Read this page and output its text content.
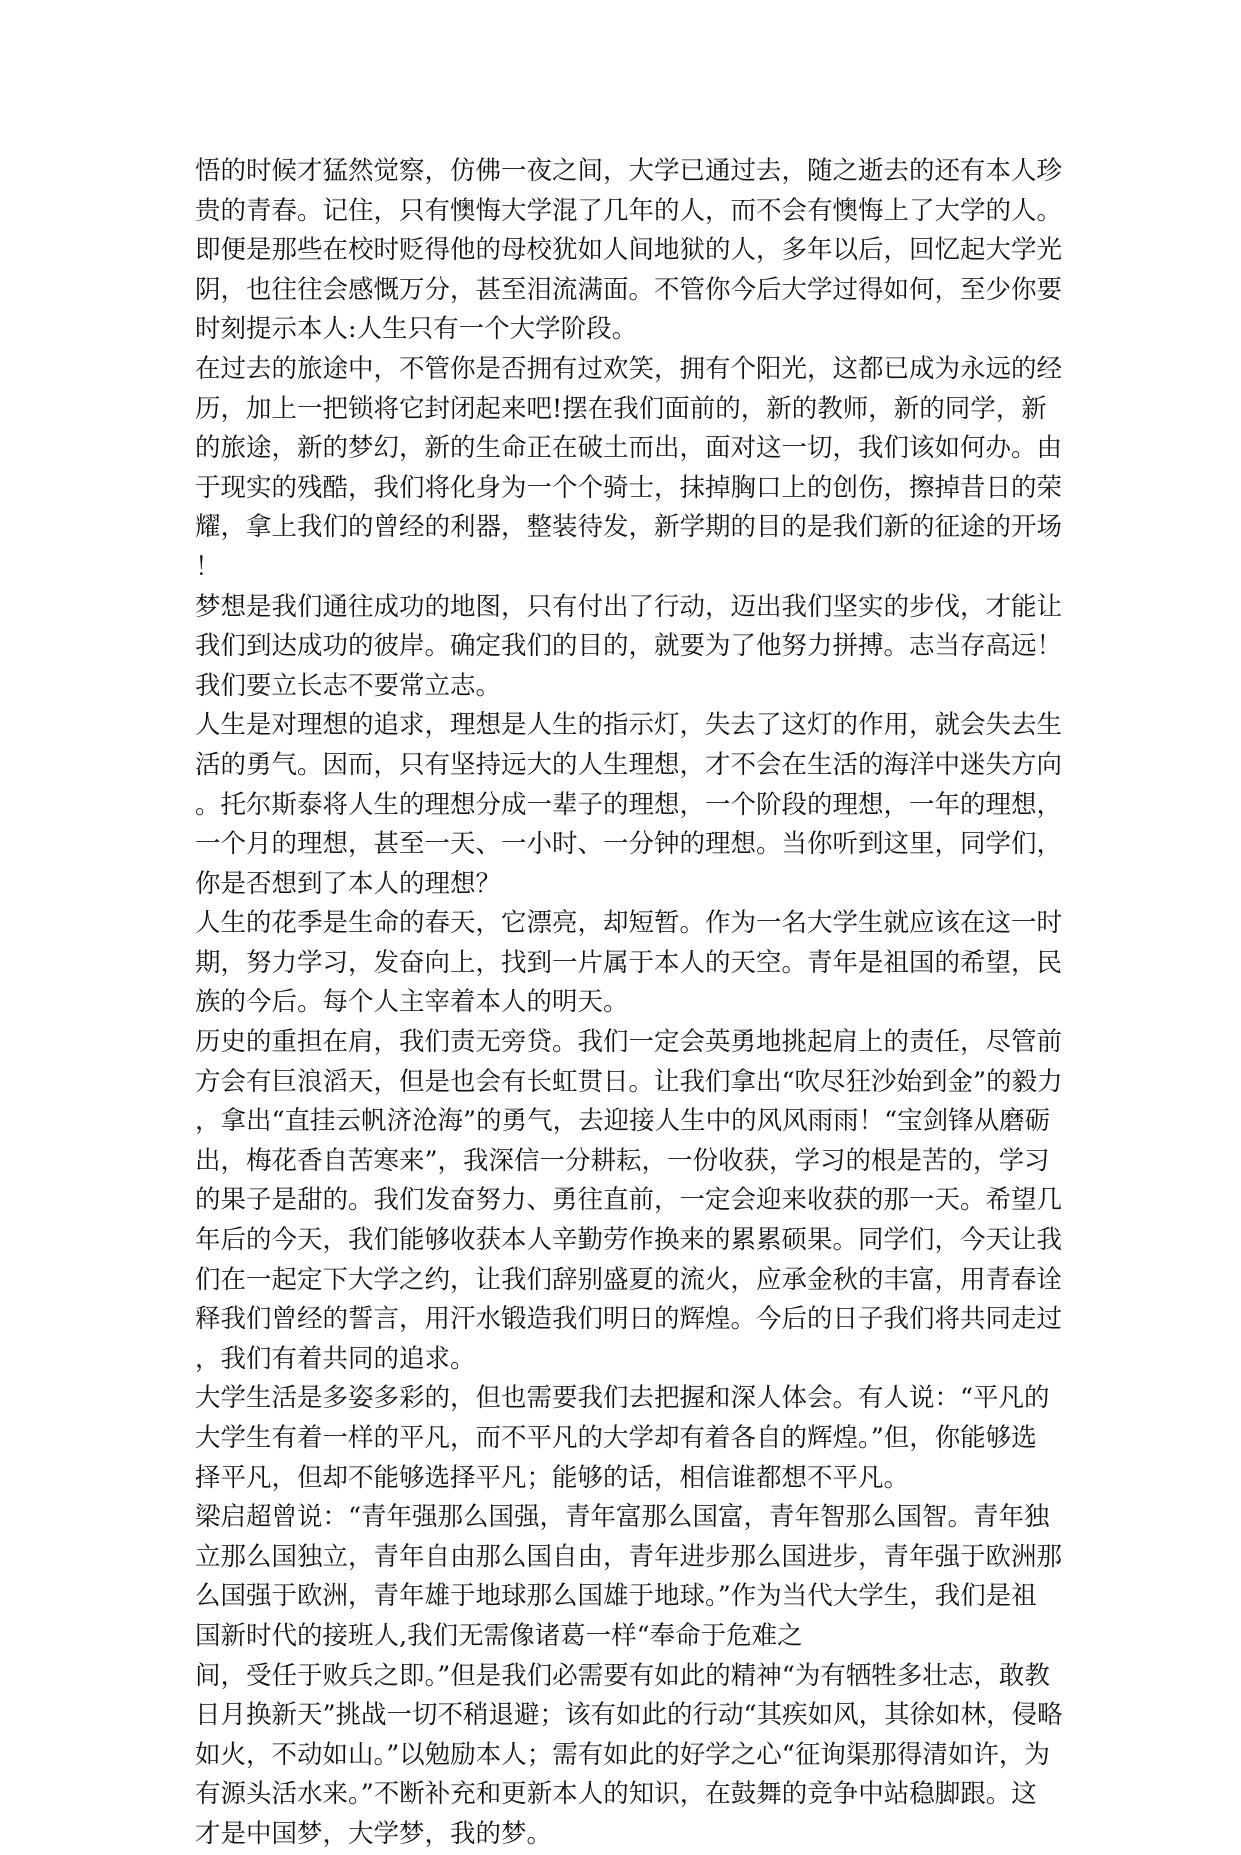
悟的时候才猛然觉察，仿佛一夜之间，大学已通过去，随之逝去的还有本人珍
贵的青春。记住，只有懊悔大学混了几年的人，而不会有懊悔上了大学的人。
即便是那些在校时贬得他的母校犹如人间地狱的人，多年以后，回忆起大学光
阴，也往往会感慨万分，甚至泪流满面。不管你今后大学过得如何，至少你要
时刻提示本人:人生只有一个大学阶段。
在过去的旅途中，不管你是否拥有过欢笑，拥有个阳光，这都已成为永远的经
历，加上一把锁将它封闭起来吧!摆在我们面前的，新的教师，新的同学，新
的旅途，新的梦幻，新的生命正在破土而出，面对这一切，我们该如何办。由
于现实的残酷，我们将化身为一个个骑士，抹掉胸口上的创伤，擦掉昔日的荣
耀，拿上我们的曾经的利器，整装待发，新学期的目的是我们新的征途的开场
！
梦想是我们通往成功的地图，只有付出了行动，迈出我们坚实的步伐，才能让
我们到达成功的彼岸。确定我们的目的，就要为了他努力拼搏。志当存高远！
我们要立长志不要常立志。
人生是对理想的追求，理想是人生的指示灯，失去了这灯的作用，就会失去生
活的勇气。因而，只有坚持远大的人生理想，才不会在生活的海洋中迷失方向
。托尔斯泰将人生的理想分成一辈子的理想，一个阶段的理想，一年的理想，
一个月的理想，甚至一天、一小时、一分钟的理想。当你听到这里，同学们，
你是否想到了本人的理想？
人生的花季是生命的春天，它漂亮，却短暂。作为一名大学生就应该在这一时
期，努力学习，发奋向上，找到一片属于本人的天空。青年是祖国的希望，民
族的今后。每个人主宰着本人的明天。
历史的重担在肩，我们责无旁贷。我们一定会英勇地挑起肩上的责任，尽管前
方会有巨浪滔天，但是也会有长虹贯日。让我们拿出“吹尽狂沙始到金”的毅力
，拿出“直挂云帆济沧海”的勇气，去迎接人生中的风风雨雨！“宝剑锋从磨砺
出，梅花香自苦寒来”，我深信一分耕耘，一份收获，学习的根是苦的，学习
的果子是甜的。我们发奋努力、勇往直前，一定会迎来收获的那一天。希望几
年后的今天，我们能够收获本人辛勤劳作换来的累累硕果。同学们，今天让我
们在一起定下大学之约，让我们辞别盛夏的流火，应承金秋的丰富，用青春诠
释我们曾经的誓言，用汗水锻造我们明日的辉煌。今后的日子我们将共同走过
，我们有着共同的追求。
大学生活是多姿多彩的，但也需要我们去把握和深人体会。有人说：“平凡的
大学生有着一样的平凡，而不平凡的大学却有着各自的辉煌。”但，你能够选
择平凡，但却不能够选择平凡；能够的话，相信谁都想不平凡。
梁启超曾说：“青年强那么国强，青年富那么国富，青年智那么国智。青年独
立那么国独立，青年自由那么国自由，青年进步那么国进步，青年强于欧洲那
么国强于欧洲，青年雄于地球那么国雄于地球。”作为当代大学生，我们是祖
国新时代的接班人,我们无需像诸葛一样“奉命于危难之
间，受任于败兵之即。”但是我们必需要有如此的精神“为有牺牲多壮志，敢教
日月换新天”挑战一切不稍退避；该有如此的行动“其疾如风，其徐如林，侵略
如火，不动如山。”以勉励本人；需有如此的好学之心“征询渠那得清如许，为
有源头活水来。”不断补充和更新本人的知识，在鼓舞的竞争中站稳脚跟。这
才是中国梦，大学梦，我的梦。
